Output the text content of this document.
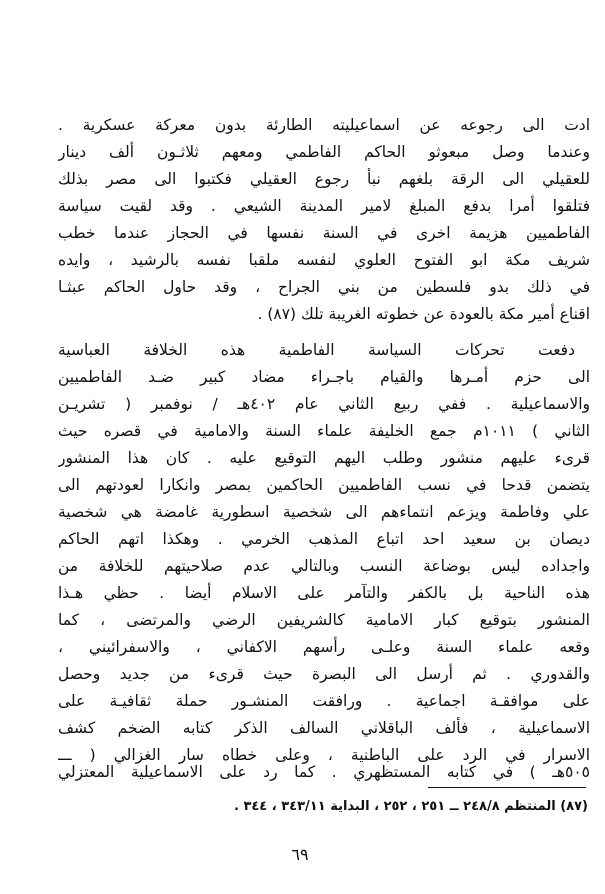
ادت الى رجوعه عن اسماعيليته الطارئة بدون معركة عسكرية .
وعندما وصل مبعوثو الحاكم الفاطمي ومعهم ثلاثـون ألف دينار
للعقيلي الى الرقة بلغهم نبأ رجوع العقيلي فكتبوا الى مصر بذلك
فتلقوا أمرا بدفع المبلغ لامير المدينة الشيعي . وقد لقيت سياسة
الفاطميين هزيمة اخرى في السنة نفسها في الحجاز عندما خطب
شريف مكة ابو الفتوح العلوي لنفسه ملقبا نفسه بالرشيد ، وايده
في ذلك بدو فلسطين من بني الجراح ، وقد حاول الحاكم عبثـا
اقناع أمير مكة بالعودة عن خطوته الغريبة تلك (٨٧) .
دفعت تحركات السياسة الفاطمية هذه الخلافة العباسية
الى حزم أمـرها والقيام باجـراء مضاد كبير ضـد الفاطميين
والاسماعيلية . ففي ربيع الثاني عام ٤٠٢هـ / نوفمبر ( تشريـن
الثاني ) ١٠١١م جمع الخليفة علماء السنة والامامية في قصره حيث
قرىء عليهم منشور وطلب اليهم التوقيع عليه . كان هذا المنشور
يتضمن قدحا في نسب الفاطميين الحاكمين بمصر وانكارا لعودتهم الى
علي وفاطمة ويزعم انتماءهم الى شخصية اسطورية غامضة هي شخصية
ديصان بن سعيد احد اتباع المذهب الخرمي . وهكذا اتهم الحاكم
واجداده ليس بوضاعة النسب وبالتالي عدم صلاحيتهم للخلافة من
هذه الناحية بل بالكفر والتآمر على الاسلام أيضا . حظي هـذا
المنشور بتوقيع كبار الامامية كالشريفين الرضي والمرتضى ، كما
وقعه علماء السنة وعلـى رأسهم الاكفاني ، والاسفرائيني ،
والقدوري . ثم أرسل الى البصرة حيث قرىء من جديد وحصل
على موافقـة اجماعية . ورافقت المنشـور حملة ثقافيـة على
الاسماعيلية ، فألف الباقلاني السالف الذكر كتابه الضخم كشف
الاسرار في الرد على الباطنية ، وعلى خطاه سار الغزالي ( ـــ
٥٠٥هـ ) في كتابه المستظهري . كما رد على الاسماعيلية المعتزلي
(٨٧) المنتظم ٢٤٨/٨ ــ ٢٥١ ، ٢٥٢ ، البداية ٣٤٣/١١ ، ٣٤٤ .
٦٩
